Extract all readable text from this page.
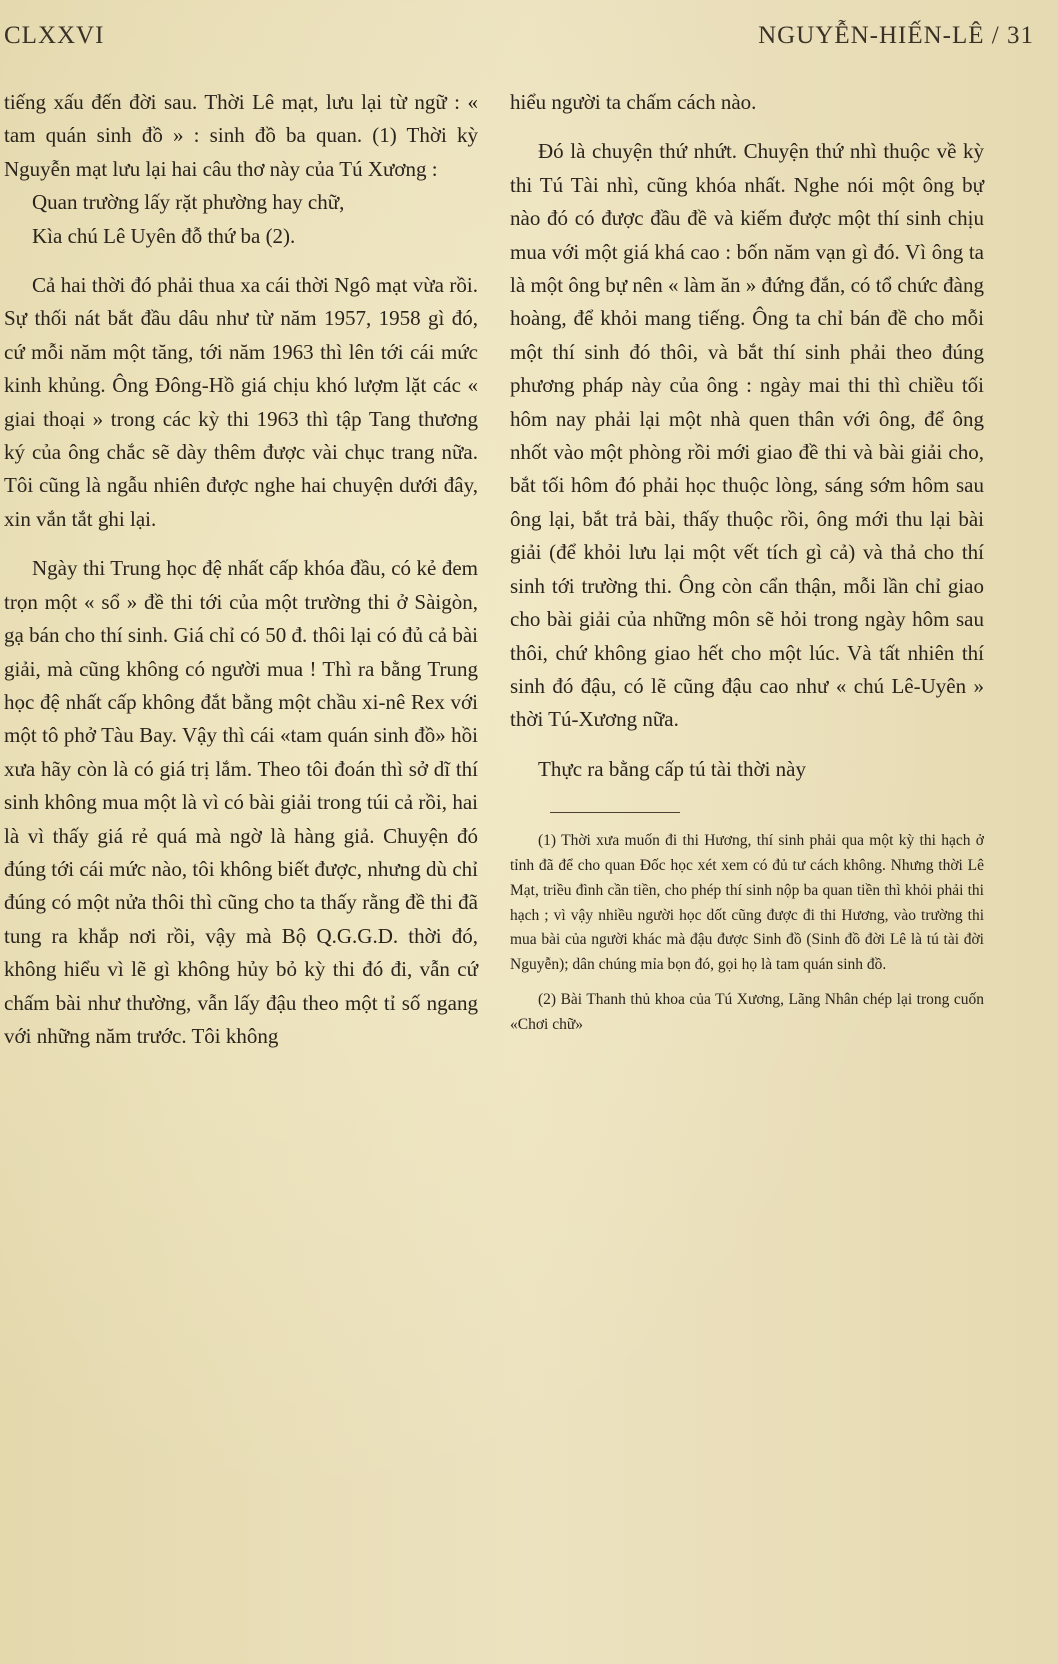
CLXXVI	NGUYỄN-HIẾN-LÊ / 31

tiếng xấu đến đời sau. Thời Lê mạt, lưu lại từ ngữ : « tam quán sinh đồ » : sinh đồ ba quan. (1) Thời kỳ Nguyễn mạt lưu lại hai câu thơ này của Tú Xương :

Quan trường lấy rặt phường hay chữ,

Kìa chú Lê Uyên đỗ thứ ba (2).

Cả hai thời đó phải thua xa cái thời Ngô mạt vừa rồi. Sự thối nát bắt đầu dâu như từ năm 1957, 1958 gì đó, cứ mỗi năm một tăng, tới năm 1963 thì lên tới cái mức kinh khủng. Ông Đông-Hồ giá chịu khó lượm lặt các « giai thoại » trong các kỳ thi 1963 thì tập Tang thương ký của ông chắc sẽ dày thêm được vài chục trang nữa. Tôi cũng là ngẫu nhiên được nghe hai chuyện dưới đây, xin vắn tắt ghi lại.

Ngày thi Trung học đệ nhất cấp khóa đầu, có kẻ đem trọn một « sổ » đề thi tới của một trường thi ở Sàigòn, gạ bán cho thí sinh. Giá chỉ có 50 đ. thôi lại có đủ cả bài giải, mà cũng không có người mua ! Thì ra bằng Trung học đệ nhất cấp không đắt bằng một chầu xi-nê Rex với một tô phở Tàu Bay. Vậy thì cái «tam quán sinh đồ» hồi xưa hãy còn là có giá trị lắm. Theo tôi đoán thì sở dĩ thí sinh không mua một là vì có bài giải trong túi cả rồi, hai là vì thấy giá rẻ quá mà ngờ là hàng giả. Chuyện đó đúng tới cái mức nào, tôi không biết được, nhưng dù chỉ đúng có một nửa thôi thì cũng cho ta thấy rằng đề thi đã tung ra khắp nơi rồi, vậy mà Bộ Q.G.G.D. thời đó, không hiểu vì lẽ gì không hủy bỏ kỳ thi đó đi, vẫn cứ chấm bài như thường, vẫn lấy đậu theo một tỉ số ngang với những năm trước. Tôi không

hiểu người ta chấm cách nào.

Đó là chuyện thứ nhứt. Chuyện thứ nhì thuộc về kỳ thi Tú Tài nhì, cũng khóa nhất. Nghe nói một ông bự nào đó có được đầu đề và kiếm được một thí sinh chịu mua với một giá khá cao : bốn năm vạn gì đó. Vì ông ta là một ông bự nên « làm ăn » đứng đắn, có tổ chức đàng hoàng, để khỏi mang tiếng. Ông ta chỉ bán đề cho mỗi một thí sinh đó thôi, và bắt thí sinh phải theo đúng phương pháp này của ông : ngày mai thi thì chiều tối hôm nay phải lại một nhà quen thân với ông, để ông nhốt vào một phòng rồi mới giao đề thi và bài giải cho, bắt tối hôm đó phải học thuộc lòng, sáng sớm hôm sau ông lại, bắt trả bài, thấy thuộc rồi, ông mới thu lại bài giải (để khỏi lưu lại một vết tích gì cả) và thả cho thí sinh tới trường thi. Ông còn cẩn thận, mỗi lần chỉ giao cho bài giải của những môn sẽ hỏi trong ngày hôm sau thôi, chứ không giao hết cho một lúc. Và tất nhiên thí sinh đó đậu, có lẽ cũng đậu cao như « chú Lê-Uyên » thời Tú-Xương nữa.

Thực ra bằng cấp tú tài thời này

(1) Thời xưa muốn đi thi Hương, thí sinh phải qua một kỳ thi hạch ở tỉnh đã để cho quan Đốc học xét xem có đủ tư cách không. Nhưng thời Lê Mạt, triều đình cần tiền, cho phép thí sinh nộp ba quan tiền thì khỏi phải thi hạch ; vì vậy nhiều người học dốt cũng được đi thi Hương, vào trường thi mua bài của người khác mà đậu được Sinh đồ (Sinh đồ đời Lê là tú tài đời Nguyễn); dân chúng mỉa bọn đó, gọi họ là tam quán sinh đồ.

(2) Bài Thanh thủ khoa của Tú Xương, Lãng Nhân chép lại trong cuốn «Chơi chữ»
